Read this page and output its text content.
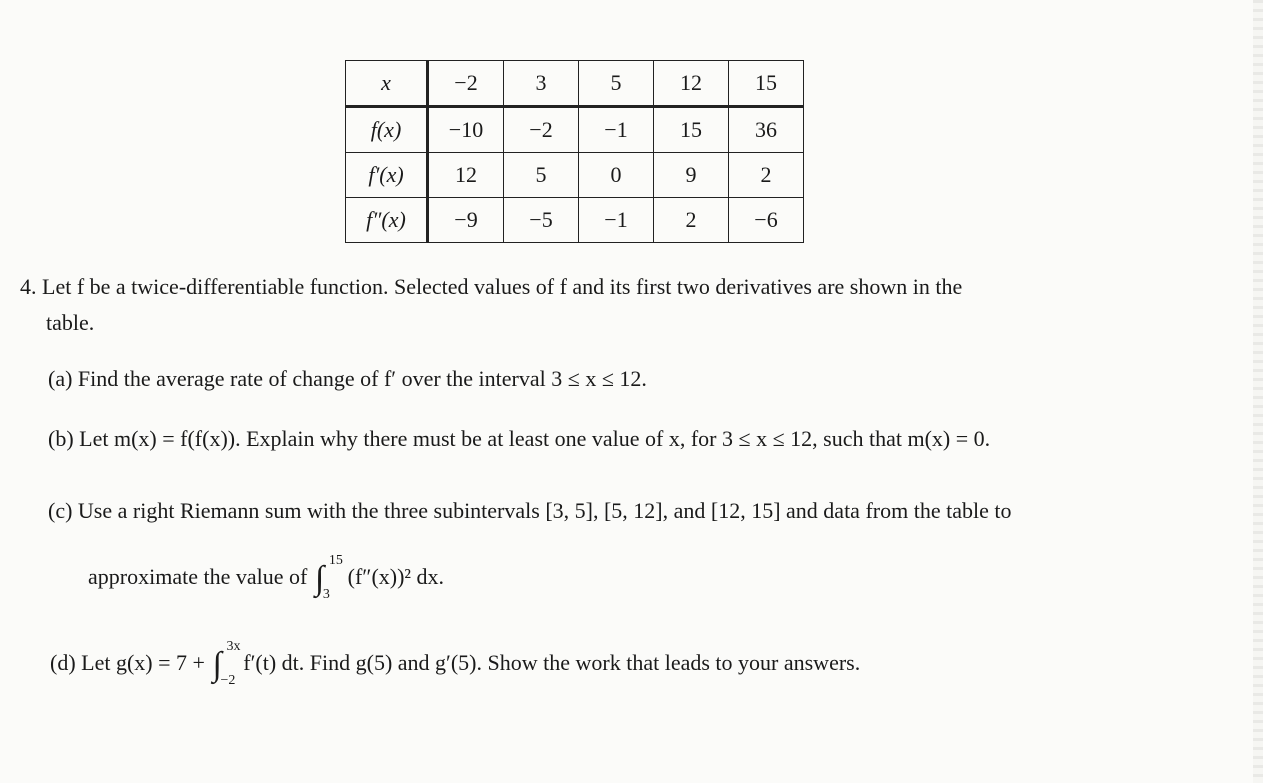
x	−2	3	5	12	15
f(x)	−10	−2	−1	15	36
f′(x)	12	5	0	9	2
f″(x)	−9	−5	−1	2	−6
4. Let f be a twice-differentiable function. Selected values of f and its first two derivatives are shown in the
table.
(a) Find the average rate of change of f′ over the interval 3 ≤ x ≤ 12.
(b) Let m(x) = f(f(x)). Explain why there must be at least one value of x, for 3 ≤ x ≤ 12, such that m(x) = 0.
(c) Use a right Riemann sum with the three subintervals [3, 5], [5, 12], and [12, 15] and data from the table to
approximate the value of ∫ 15
3
(f″(x))² dx.
(d) Let g(x) = 7 + ∫ 3x
−2
f′(t) dt. Find g(5) and g′(5). Show the work that leads to your answers.
